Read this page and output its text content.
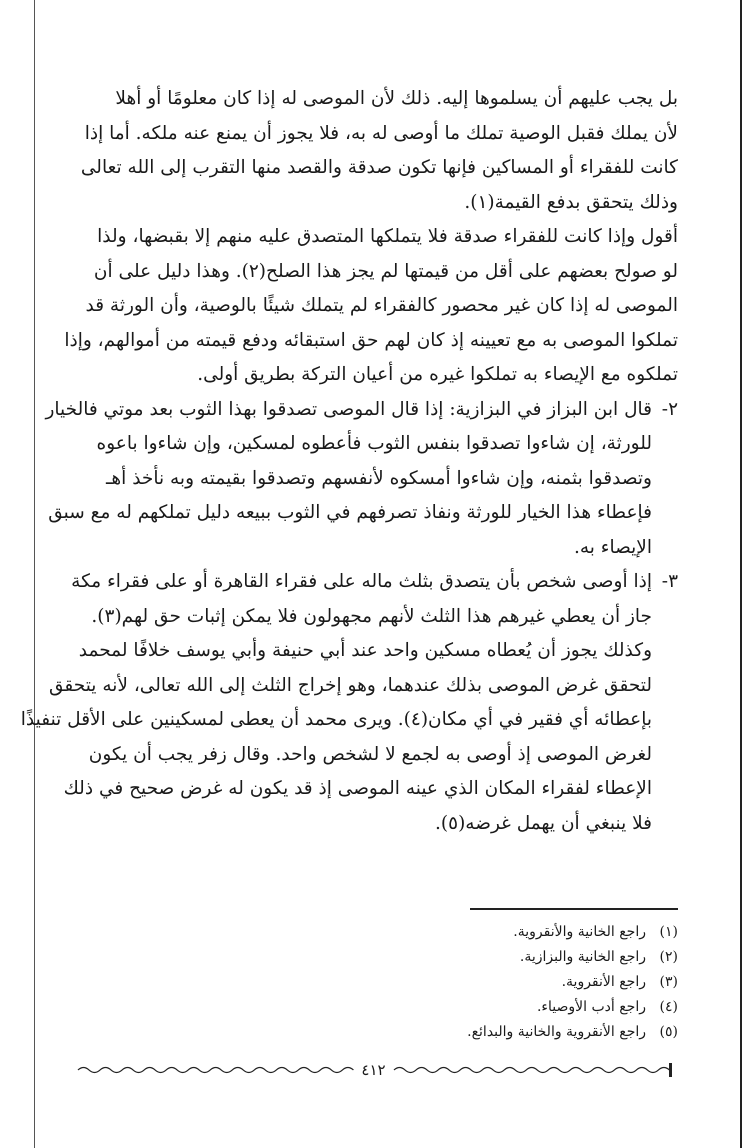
بل يجب عليهم أن يسلموها إليه. ذلك لأن الموصى له إذا كان معلومًا أو أهلا
لأن يملك فقبل الوصية تملك ما أوصى له به، فلا يجوز أن يمنع عنه ملكه. أما إذا
كانت للفقراء أو المساكين فإنها تكون صدقة والقصد منها التقرب إلى الله تعالى
وذلك يتحقق بدفع القيمة(١).
أقول وإذا كانت للفقراء صدقة فلا يتملكها المتصدق عليه منهم إلا بقبضها، ولذا
لو صولح بعضهم على أقل من قيمتها لم يجز هذا الصلح(٢). وهذا دليل على أن
الموصى له إذا كان غير محصور كالفقراء لم يتملك شيئًا بالوصية، وأن الورثة قد
تملكوا الموصى به مع تعيينه إذ كان لهم حق استبقائه ودفع قيمته من أموالهم، وإذا
تملكوه مع الإيصاء به تملكوا غيره من أعيان التركة بطريق أولى.
٢-قال ابن البزاز في البزازية: إذا قال الموصى تصدقوا بهذا الثوب بعد موتي فالخيار
للورثة، إن شاءوا تصدقوا بنفس الثوب فأعطوه لمسكين، وإن شاءوا باعوه
وتصدقوا بثمنه، وإن شاءوا أمسكوه لأنفسهم وتصدقوا بقيمته وبه نأخذ أهـ
فإعطاء هذا الخيار للورثة ونفاذ تصرفهم في الثوب ببيعه دليل تملكهم له مع سبق
الإيصاء به.
٣-إذا أوصى شخص بأن يتصدق بثلث ماله على فقراء القاهرة أو على فقراء مكة
جاز أن يعطي غيرهم هذا الثلث لأنهم مجهولون فلا يمكن إثبات حق لهم(٣).
وكذلك يجوز أن يُعطاه مسكين واحد عند أبي حنيفة وأبي يوسف خلافًا لمحمد
لتحقق غرض الموصى بذلك عندهما، وهو إخراج الثلث إلى الله تعالى، لأنه يتحقق
بإعطائه أي فقير في أي مكان(٤). ويرى محمد أن يعطى لمسكينين على الأقل تنفيذًا
لغرض الموصى إذ أوصى به لجمع لا لشخص واحد. وقال زفر يجب أن يكون
الإعطاء لفقراء المكان الذي عينه الموصى إذ قد يكون له غرض صحيح في ذلك
فلا ينبغي أن يهمل غرضه(٥).
(١)راجع الخانية والأنقروية.
(٢)راجع الخانية والبزازية.
(٣)راجع الأنقروية.
(٤)راجع أدب الأوصياء.
(٥)راجع الأنقروية والخانية والبدائع.
٤١٢
